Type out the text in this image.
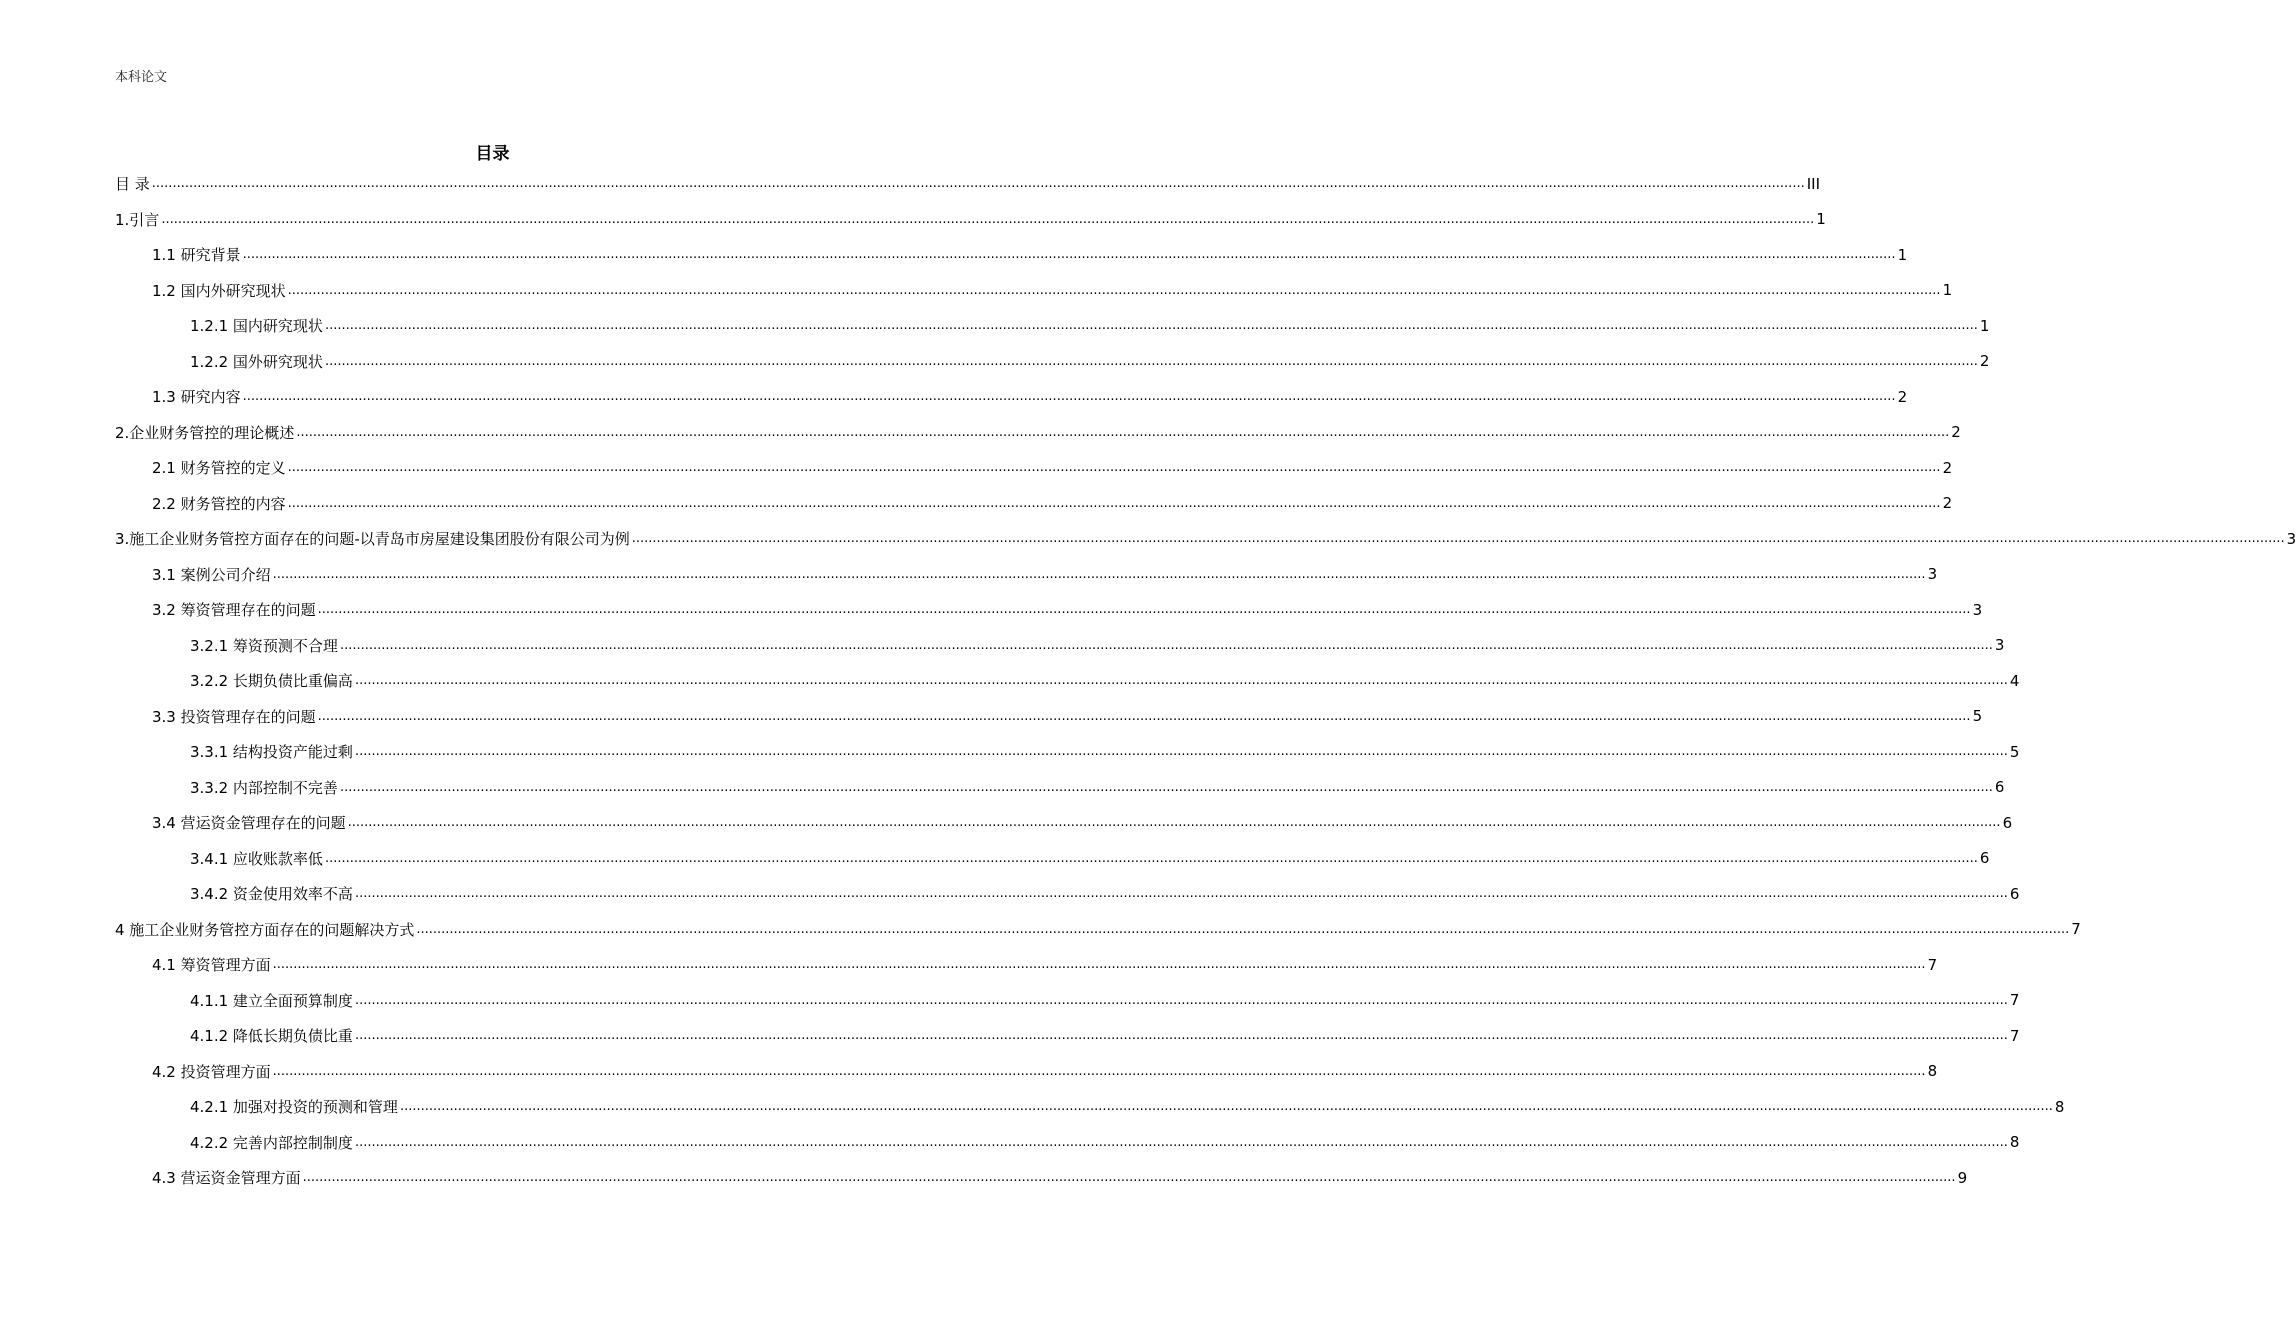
本科论文
目录
目 录 ................................................................................................................................................................................................................................................................................................................................................................................................................ III
1.引言 ................................................................................................................................................................................................................................................................................................................................................................................................................ 1
1.1 研究背景 ................................................................................................................................................................................................................................................................................................................................................................................................................ 1
1.2 国内外研究现状 ................................................................................................................................................................................................................................................................................................................................................................................................................ 1
1.2.1 国内研究现状 ................................................................................................................................................................................................................................................................................................................................................................................................................ 1
1.2.2 国外研究现状 ................................................................................................................................................................................................................................................................................................................................................................................................................ 2
1.3 研究内容 ................................................................................................................................................................................................................................................................................................................................................................................................................ 2
2.企业财务管控的理论概述 ................................................................................................................................................................................................................................................................................................................................................................................................................ 2
2.1 财务管控的定义 ................................................................................................................................................................................................................................................................................................................................................................................................................ 2
2.2 财务管控的内容 ................................................................................................................................................................................................................................................................................................................................................................................................................ 2
3.施工企业财务管控方面存在的问题-以青岛市房屋建设集团股份有限公司为例 ................................................................................................................................................................................................................................................................................................................................................................................................................ 3
3.1 案例公司介绍 ................................................................................................................................................................................................................................................................................................................................................................................................................ 3
3.2 筹资管理存在的问题 ................................................................................................................................................................................................................................................................................................................................................................................................................ 3
3.2.1 筹资预测不合理 ................................................................................................................................................................................................................................................................................................................................................................................................................ 3
3.2.2 长期负债比重偏高 ................................................................................................................................................................................................................................................................................................................................................................................................................ 4
3.3 投资管理存在的问题 ................................................................................................................................................................................................................................................................................................................................................................................................................ 5
3.3.1 结构投资产能过剩 ................................................................................................................................................................................................................................................................................................................................................................................................................ 5
3.3.2 内部控制不完善 ................................................................................................................................................................................................................................................................................................................................................................................................................ 6
3.4 营运资金管理存在的问题 ................................................................................................................................................................................................................................................................................................................................................................................................................ 6
3.4.1 应收账款率低 ................................................................................................................................................................................................................................................................................................................................................................................................................ 6
3.4.2 资金使用效率不高 ................................................................................................................................................................................................................................................................................................................................................................................................................ 6
4 施工企业财务管控方面存在的问题解决方式 ................................................................................................................................................................................................................................................................................................................................................................................................................ 7
4.1 筹资管理方面 ................................................................................................................................................................................................................................................................................................................................................................................................................ 7
4.1.1 建立全面预算制度 ................................................................................................................................................................................................................................................................................................................................................................................................................ 7
4.1.2 降低长期负债比重 ................................................................................................................................................................................................................................................................................................................................................................................................................ 7
4.2 投资管理方面 ................................................................................................................................................................................................................................................................................................................................................................................................................ 8
4.2.1 加强对投资的预测和管理 ................................................................................................................................................................................................................................................................................................................................................................................................................ 8
4.2.2 完善内部控制制度 ................................................................................................................................................................................................................................................................................................................................................................................................................ 8
4.3 营运资金管理方面 ................................................................................................................................................................................................................................................................................................................................................................................................................ 9
